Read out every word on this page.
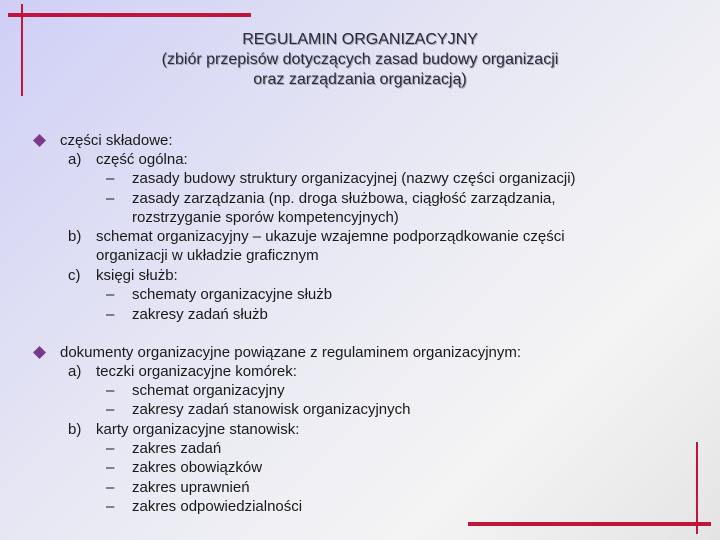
REGULAMIN ORGANIZACYJNY
(zbiór przepisów dotyczących zasad budowy organizacji
oraz zarządzania organizacją)
części składowe:
a) część ogólna:
– zasady budowy struktury organizacyjnej (nazwy części organizacji)
– zasady zarządzania (np. droga służbowa, ciągłość zarządzania,
rozstrzyganie sporów kompetencyjnych)
b) schemat organizacyjny – ukazuje wzajemne podporządkowanie części
organizacji w układzie graficznym
c) księgi służb:
– schematy organizacyjne służb
– zakresy zadań służb
dokumenty organizacyjne powiązane z regulaminem organizacyjnym:
a) teczki organizacyjne komórek:
– schemat organizacyjny
– zakresy zadań stanowisk organizacyjnych
b) karty organizacyjne stanowisk:
– zakres zadań
– zakres obowiązków
– zakres uprawnień
– zakres odpowiedzialności
